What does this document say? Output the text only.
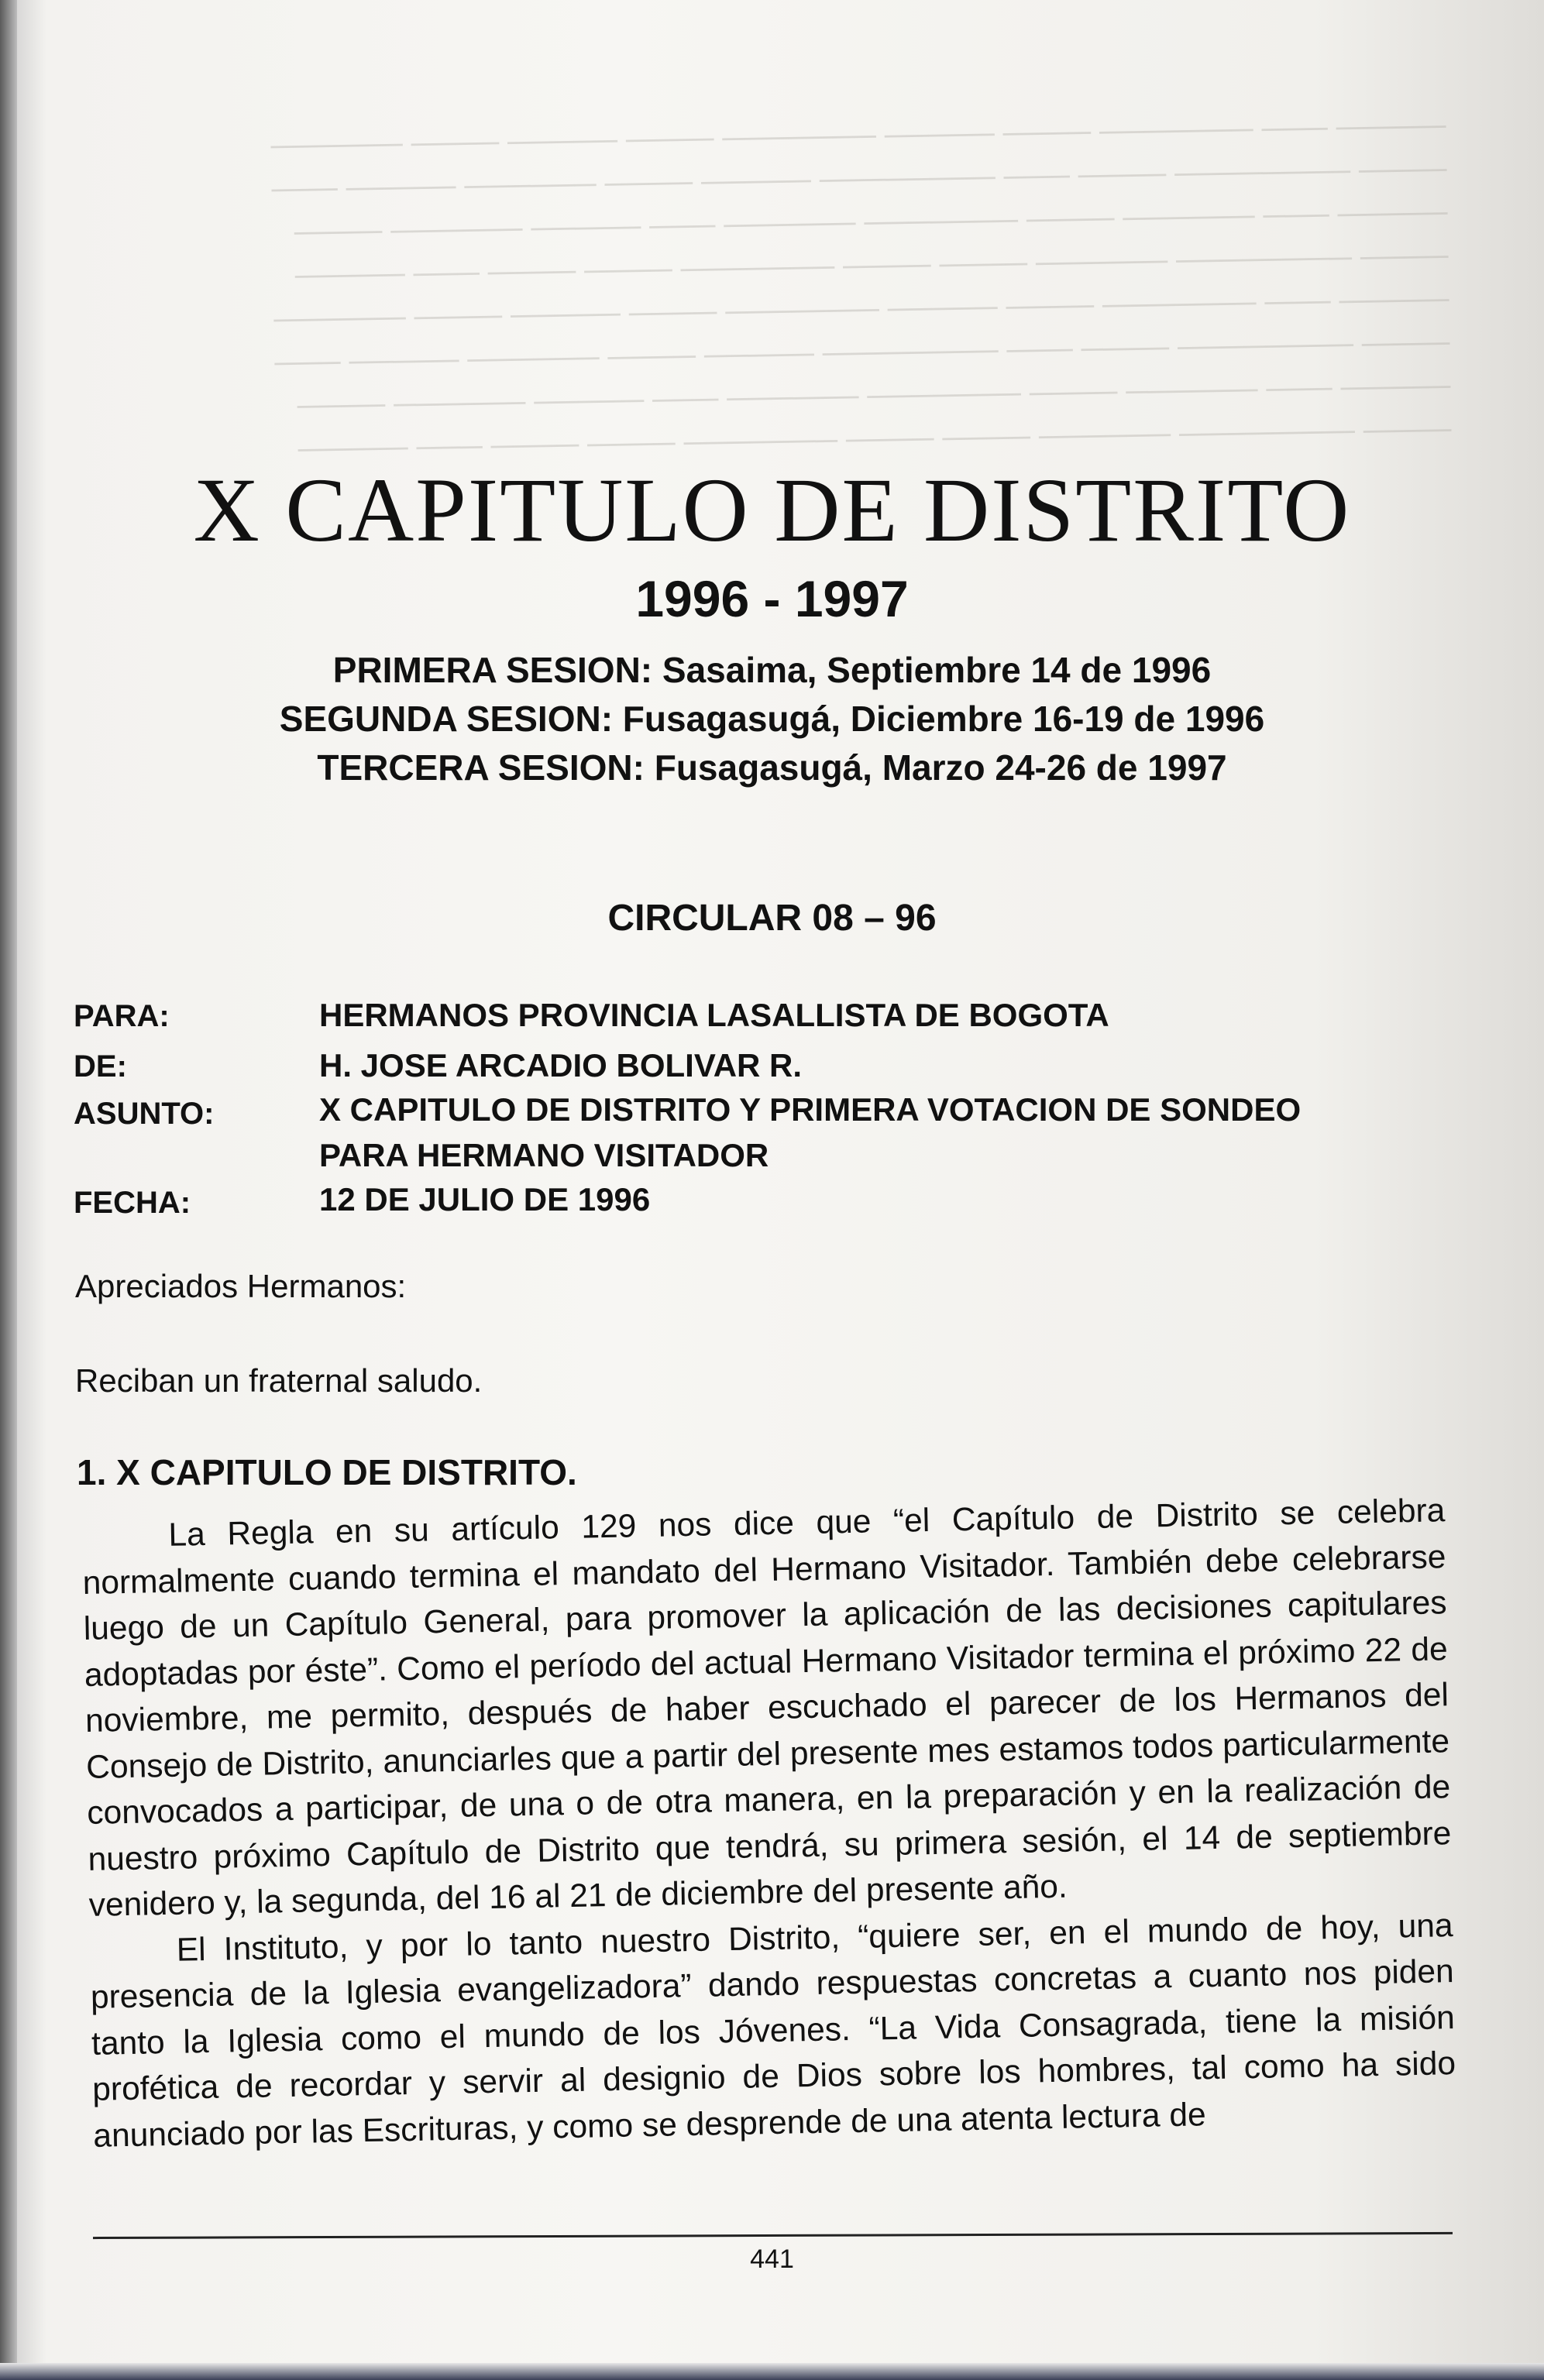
───── ─── ─────── ──── ───── ─────── ──── ───── ──── ──────
──── ──────── ──── ─── ──────── ───── ──── ────── ───── ───
───── ─── ────── ──── ─────── ────── ─── ───── ────── ────
──── ──────── ────── ──── ──── ─────── ──── ──── ─── ─────
───── ─── ─────── ──── ───── ─────── ──── ───── ──── ──────
──── ──────── ──── ─── ──────── ───── ──── ────── ───── ───
───── ─── ────── ──── ─────── ────── ─── ───── ────── ────
──── ──────── ────── ──── ──── ─────── ──── ──── ─── ─────
X CAPITULO DE DISTRITO
1996 - 1997
PRIMERA SESION: Sasaima, Septiembre 14 de 1996
SEGUNDA SESION: Fusagasugá, Diciembre 16-19 de 1996
TERCERA SESION: Fusagasugá, Marzo 24-26 de 1997
CIRCULAR 08 – 96
PARA:	HERMANOS PROVINCIA LASALLISTA DE BOGOTA
DE:	H. JOSE ARCADIO BOLIVAR R.
ASUNTO:	X CAPITULO DE DISTRITO Y PRIMERA VOTACION DE SONDEO
PARA HERMANO VISITADOR
FECHA:	12 DE JULIO DE 1996
Apreciados Hermanos:
Reciban un fraternal saludo.
1. X CAPITULO DE DISTRITO.

La Regla en su artículo 129 nos dice que “el Capítulo de Distrito se celebra normalmente cuando termina el mandato del Hermano Visitador. También debe celebrarse luego de un Capítulo General, para promover la aplicación de las decisiones capitulares adoptadas por éste”. Como el período del actual Hermano Visitador termina el próximo 22 de noviembre, me permito, después de haber escuchado el parecer de los Hermanos del Consejo de Distrito, anunciarles que a partir del presente mes estamos todos particularmente convocados a participar, de una o de otra manera, en la preparación y en la realización de nuestro próximo Capítulo de Distrito que tendrá, su primera sesión, el 14 de septiembre venidero y, la segunda, del 16 al 21 de diciembre del presente año.

El Instituto, y por lo tanto nuestro Distrito, “quiere ser, en el mundo de hoy, una presencia de la Iglesia evangelizadora” dando respuestas concretas a cuanto nos piden tanto la Iglesia como el mundo de los Jóvenes. “La Vida Consagrada, tiene la misión profética de recordar y servir al designio de Dios sobre los hombres, tal como ha sido anunciado por las Escrituras, y como se desprende de una atenta lectura de

441
